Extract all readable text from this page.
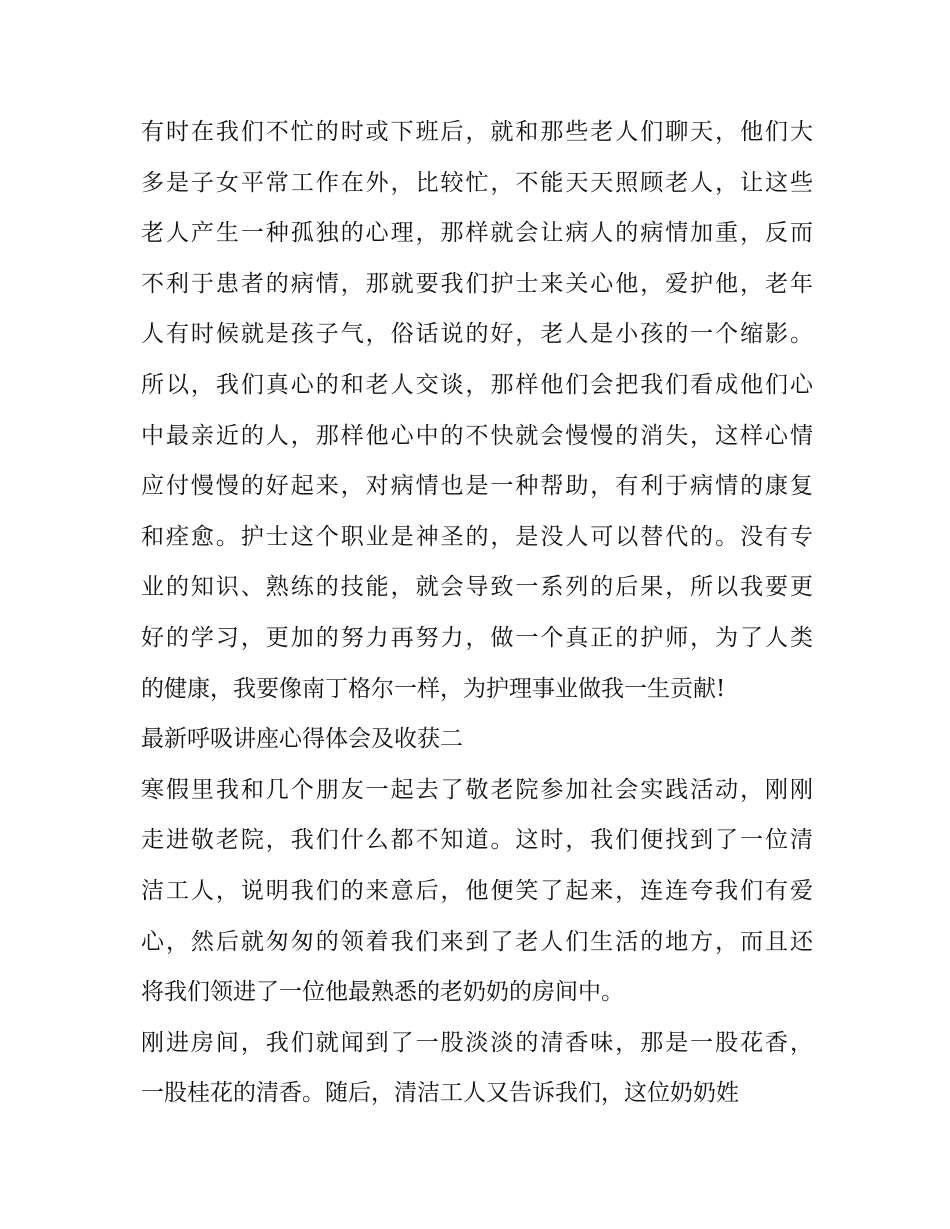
有时在我们不忙的时或下班后，就和那些老人们聊天，他们大
多是子女平常工作在外，比较忙，不能天天照顾老人，让这些
老人产生一种孤独的心理，那样就会让病人的病情加重，反而
不利于患者的病情，那就要我们护士来关心他，爱护他，老年
人有时候就是孩子气，俗话说的好，老人是小孩的一个缩影。
所以，我们真心的和老人交谈，那样他们会把我们看成他们心
中最亲近的人，那样他心中的不快就会慢慢的消失，这样心情
应付慢慢的好起来，对病情也是一种帮助，有利于病情的康复
和痊愈。护士这个职业是神圣的，是没人可以替代的。没有专
业的知识、熟练的技能，就会导致一系列的后果，所以我要更
好的学习，更加的努力再努力，做一个真正的护师，为了人类
的健康，我要像南丁格尔一样，为护理事业做我一生贡献!
最新呼吸讲座心得体会及收获二
寒假里我和几个朋友一起去了敬老院参加社会实践活动，刚刚
走进敬老院，我们什么都不知道。这时，我们便找到了一位清
洁工人，说明我们的来意后，他便笑了起来，连连夸我们有爱
心，然后就匆匆的领着我们来到了老人们生活的地方，而且还
将我们领进了一位他最熟悉的老奶奶的房间中。
刚进房间，我们就闻到了一股淡淡的清香味，那是一股花香，
一股桂花的清香。随后，清洁工人又告诉我们，这位奶奶姓
